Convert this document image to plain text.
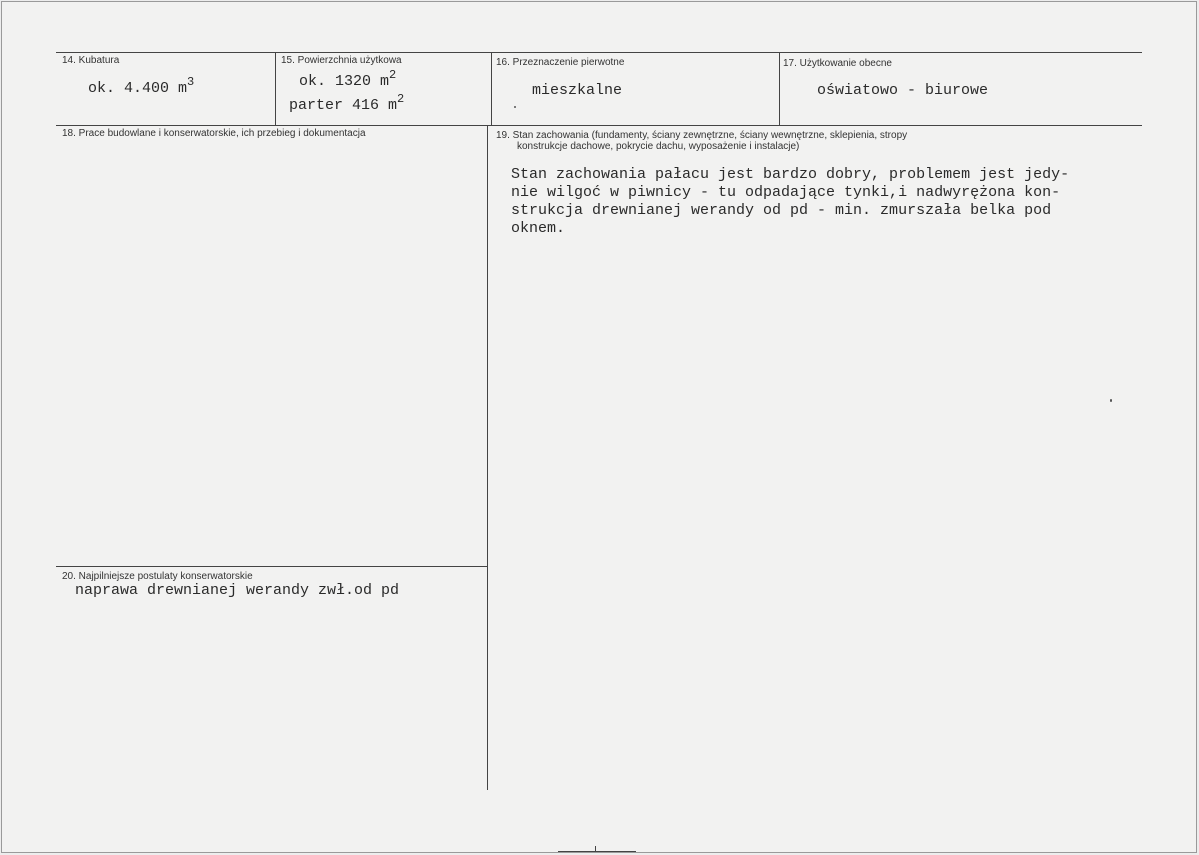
14. Kubatura
ok. 4.400 $m^3$
15. Powierzchnia użytkowa
ok. 1320 $m^2$
parter 416 $m^2$
16. Przeznaczenie pierwotne
mieszkalne
17. Użytkowanie obecne
oświatowo - biurowe
18. Prace budowlane i konserwatorskie, ich przebieg i dokumentacja	19. Stan zachowania (fundamenty, ściany zewnętrzne, ściany wewnętrzne, sklepienia, stropy
konstrukcje dachowe, pokrycie dachu, wyposażenie i instalacje)
Stan zachowania pałacu jest bardzo dobry, problemem jest jedy-
nie wilgoć w piwnicy - tu odpadające tynki,i nadwyrężona kon-
strukcja drewnianej werandy od pd - min. zmurszała belka pod
oknem.
20. Najpilniejsze postulaty konserwatorskie
naprawa drewnianej werandy zwł.od pd
